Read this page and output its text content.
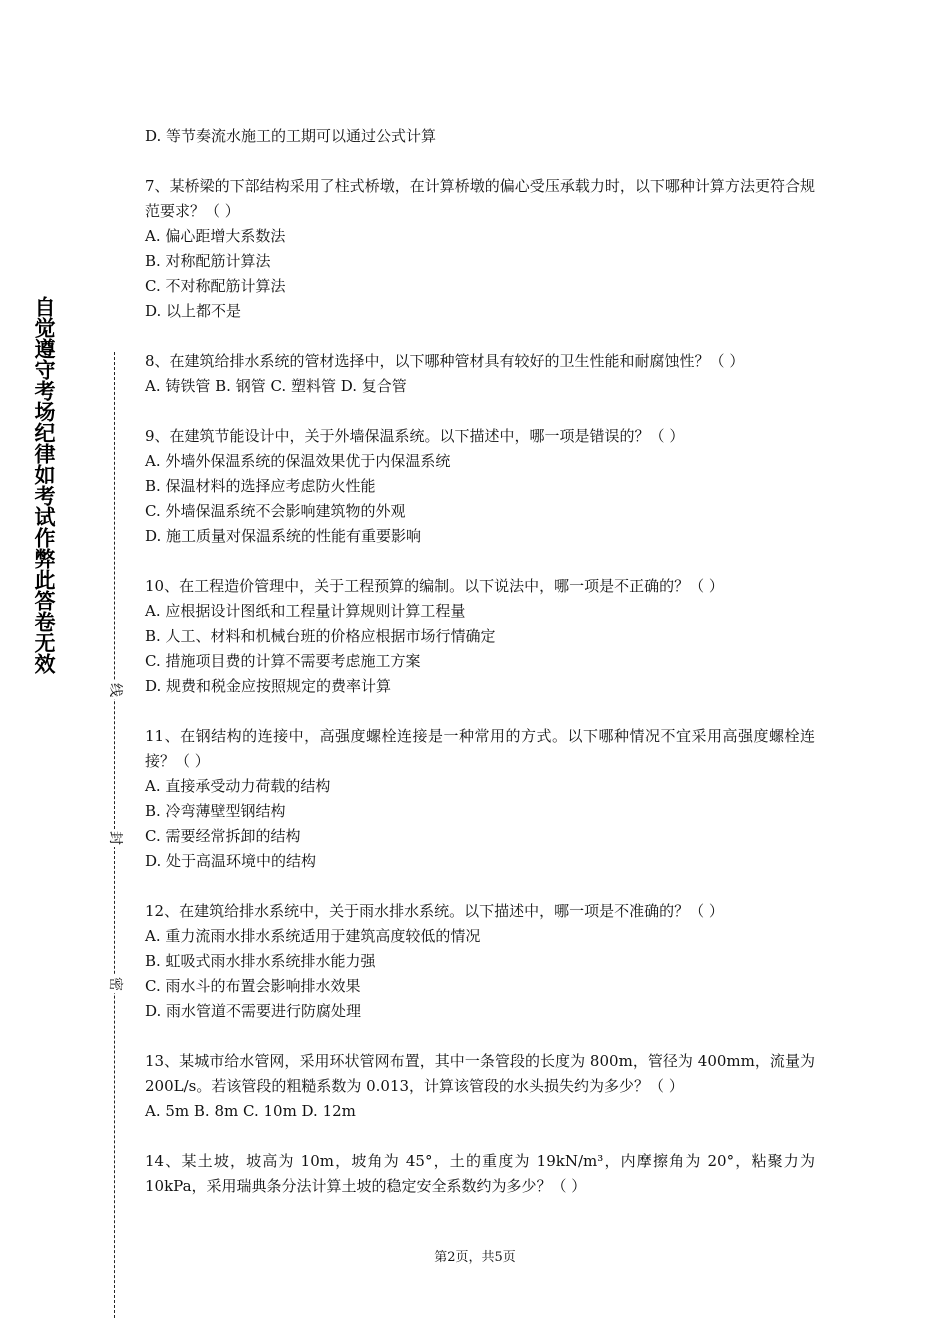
自觉遵守考场纪律如考试作弊此答卷无效
线
封
密

D. 等节奏流水施工的工期可以通过公式计算

7、某桥梁的下部结构采用了柱式桥墩，在计算桥墩的偏心受压承载力时，以下哪种计算方法更符合规范要求？（ ）

A. 偏心距增大系数法

B. 对称配筋计算法

C. 不对称配筋计算法

D. 以上都不是

8、在建筑给排水系统的管材选择中，以下哪种管材具有较好的卫生性能和耐腐蚀性？（ ）

A. 铸铁管 B. 钢管 C. 塑料管 D. 复合管

9、在建筑节能设计中，关于外墙保温系统。以下描述中，哪一项是错误的？（ ）

A. 外墙外保温系统的保温效果优于内保温系统

B. 保温材料的选择应考虑防火性能

C. 外墙保温系统不会影响建筑物的外观

D. 施工质量对保温系统的性能有重要影响

10、在工程造价管理中，关于工程预算的编制。以下说法中，哪一项是不正确的？（ ）

A. 应根据设计图纸和工程量计算规则计算工程量

B. 人工、材料和机械台班的价格应根据市场行情确定

C. 措施项目费的计算不需要考虑施工方案

D. 规费和税金应按照规定的费率计算

11、在钢结构的连接中，高强度螺栓连接是一种常用的方式。以下哪种情况不宜采用高强度螺栓连接？（ ）

A. 直接承受动力荷载的结构

B. 冷弯薄壁型钢结构

C. 需要经常拆卸的结构

D. 处于高温环境中的结构

12、在建筑给排水系统中，关于雨水排水系统。以下描述中，哪一项是不准确的？（ ）

A. 重力流雨水排水系统适用于建筑高度较低的情况

B. 虹吸式雨水排水系统排水能力强

C. 雨水斗的布置会影响排水效果

D. 雨水管道不需要进行防腐处理

13、某城市给水管网，采用环状管网布置，其中一条管段的长度为 800m，管径为 400mm，流量为 200L/s。若该管段的粗糙系数为 0.013，计算该管段的水头损失约为多少？（ ）

A. 5m B. 8m C. 10m D. 12m

14、某土坡，坡高为 10m，坡角为 45°，土的重度为 19kN/m³，内摩擦角为 20°，粘聚力为 10kPa，采用瑞典条分法计算土坡的稳定安全系数约为多少？（ ）

第2页，共5页
